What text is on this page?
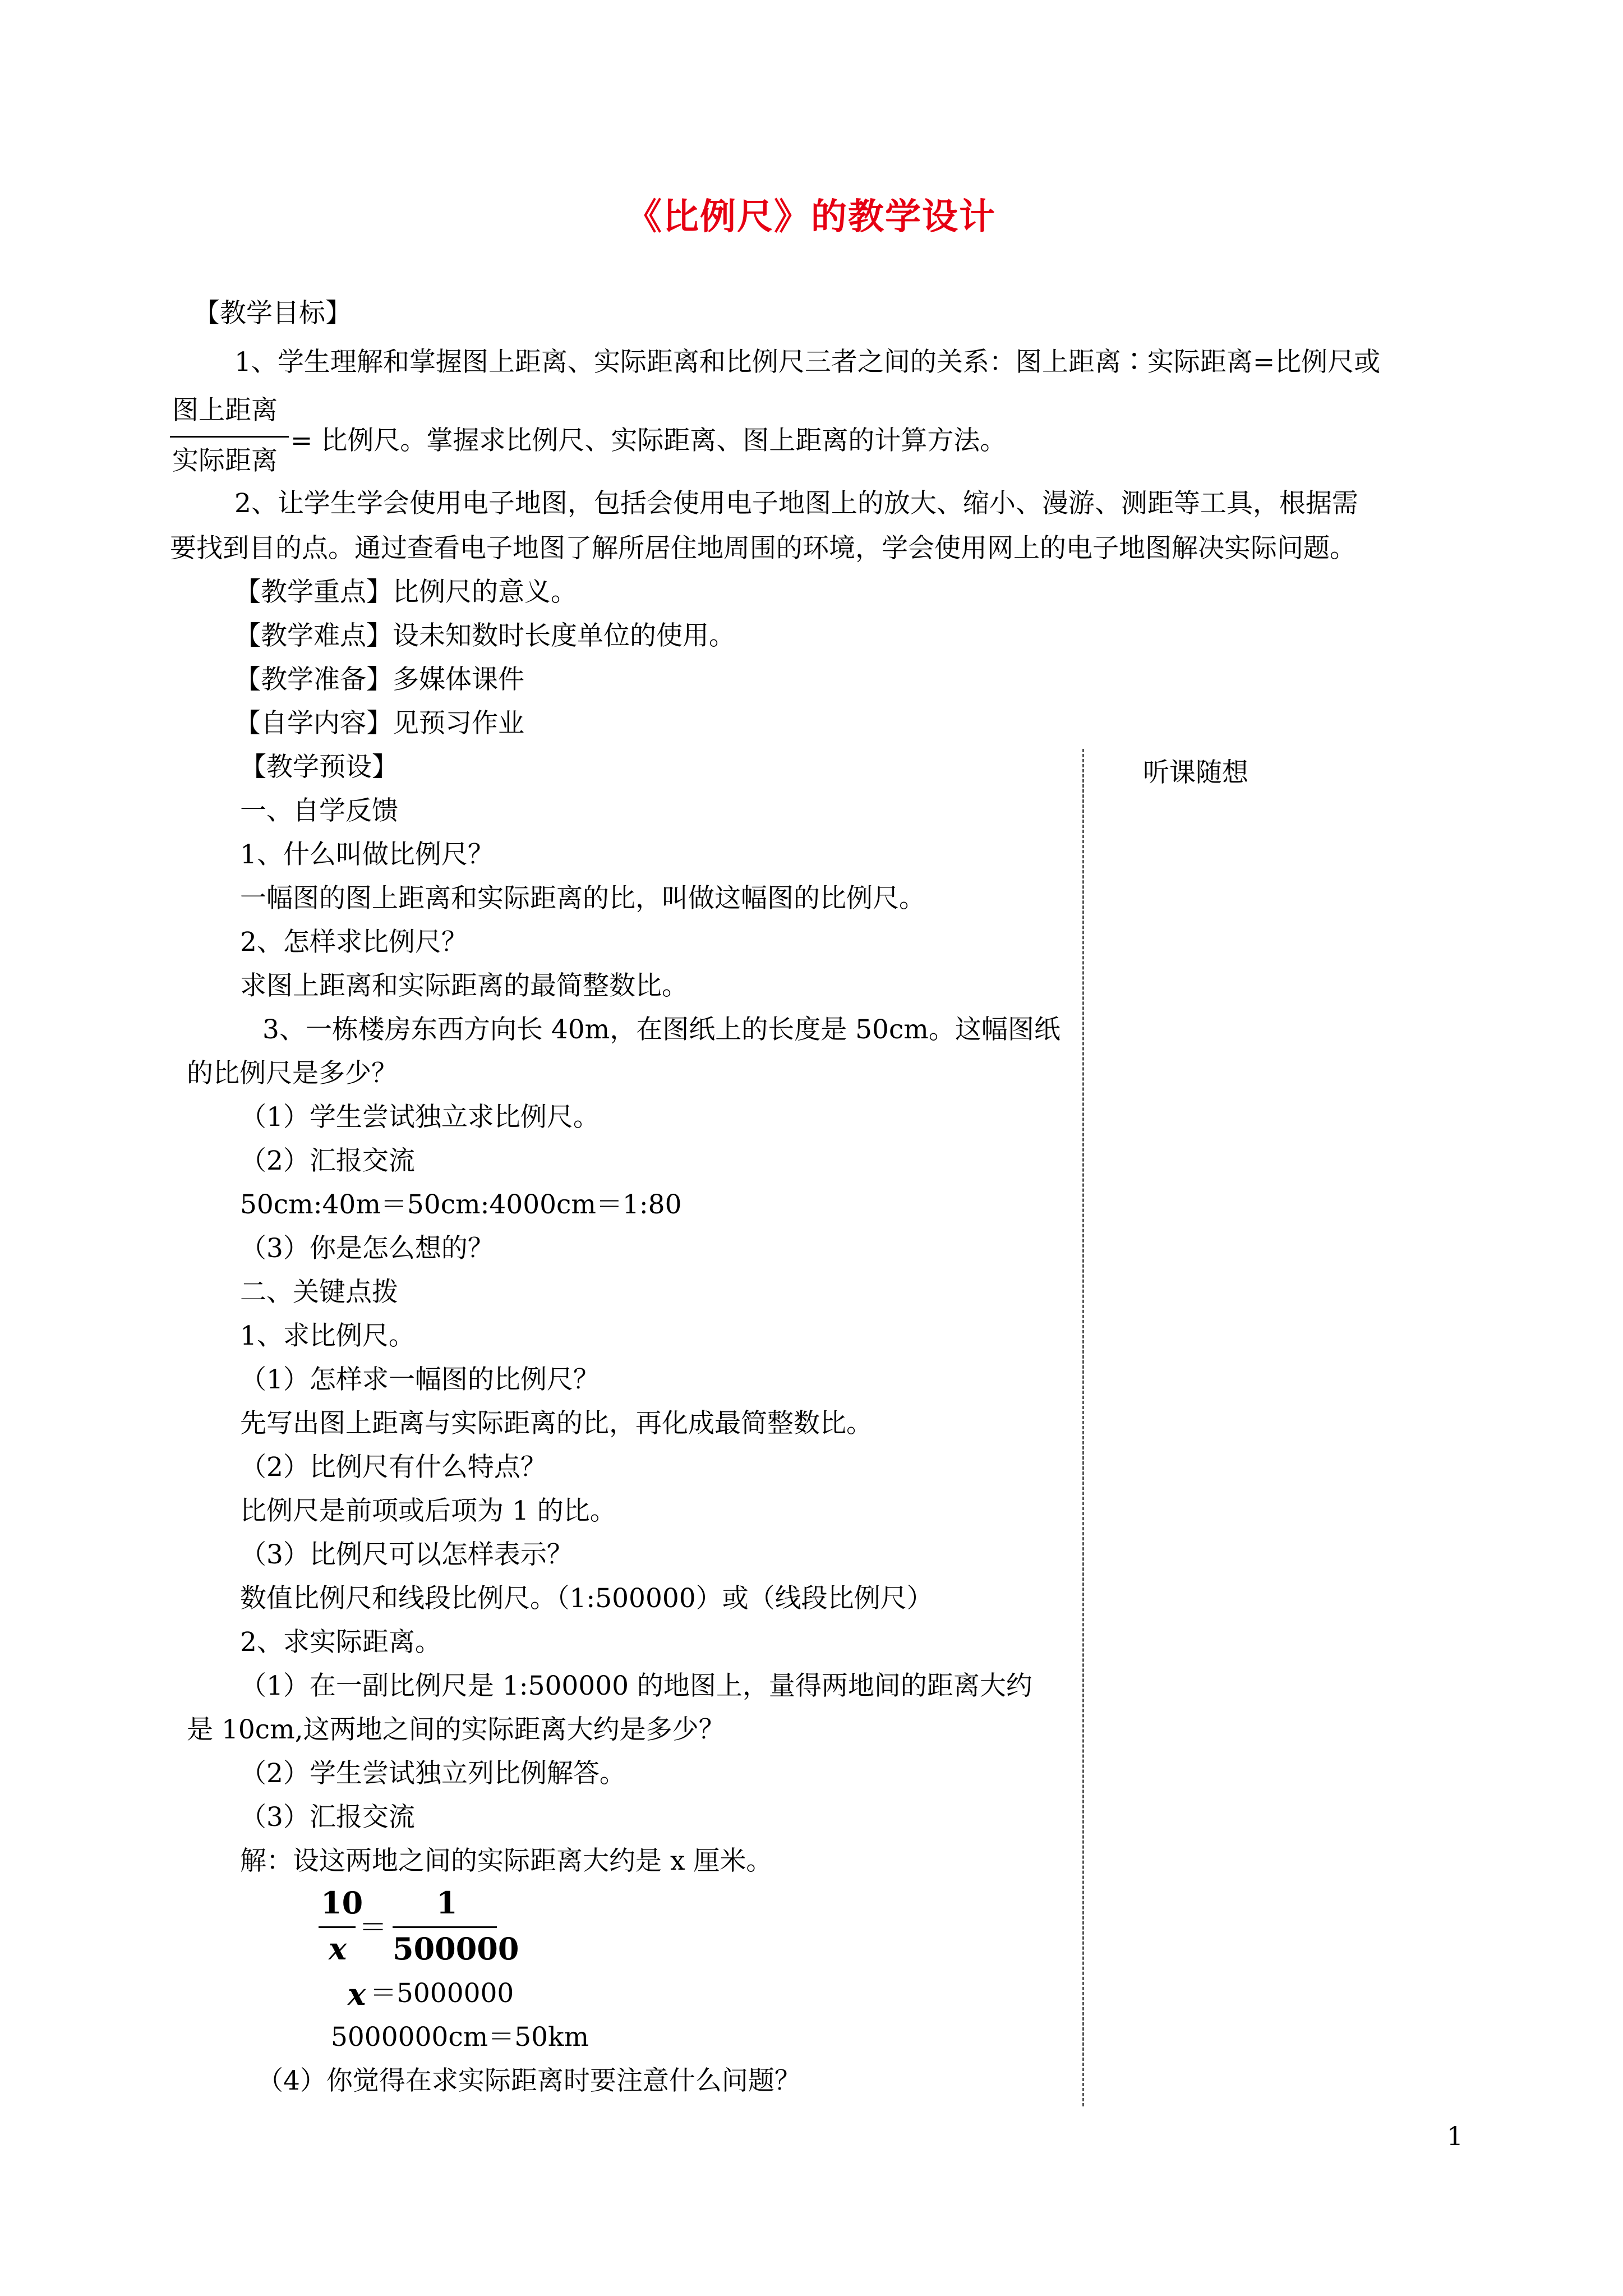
《比例尺》的教学设计
【教学目标】
1、学生理解和掌握图上距离、实际距离和比例尺三者之间的关系：图上距离∶实际距离=比例尺或
图上距离
实际距离
= 比例尺。掌握求比例尺、实际距离、图上距离的计算方法。
2、让学生学会使用电子地图，包括会使用电子地图上的放大、缩小、漫游、测距等工具，根据需
要找到目的点。通过查看电子地图了解所居住地周围的环境，学会使用网上的电子地图解决实际问题。
【教学重点】比例尺的意义。
【教学难点】设未知数时长度单位的使用。
【教学准备】多媒体课件
【自学内容】见预习作业
【教学预设】
一、自学反馈
1、什么叫做比例尺？
一幅图的图上距离和实际距离的比，叫做这幅图的比例尺。
2、怎样求比例尺？
求图上距离和实际距离的最简整数比。
3、一栋楼房东西方向长 40m，在图纸上的长度是 50cm。这幅图纸
的比例尺是多少？
（1）学生尝试独立求比例尺。
（2）汇报交流
50cm:40m＝50cm:4000cm＝1:80
（3）你是怎么想的？
二、关键点拨
1、求比例尺。
（1）怎样求一幅图的比例尺？
先写出图上距离与实际距离的比，再化成最简整数比。
（2）比例尺有什么特点？
比例尺是前项或后项为 1 的比。
（3）比例尺可以怎样表示？
数值比例尺和线段比例尺。（1:500000）或（线段比例尺）
2、求实际距离。
（1）在一副比例尺是 1:500000 的地图上，量得两地间的距离大约
是 10cm,这两地之间的实际距离大约是多少？
（2）学生尝试独立列比例解答。
（3）汇报交流
解：设这两地之间的实际距离大约是 x 厘米。
10
x
＝
1
500000
x ＝5000000
5000000cm＝50km
（4）你觉得在求实际距离时要注意什么问题？
听课随想
1
